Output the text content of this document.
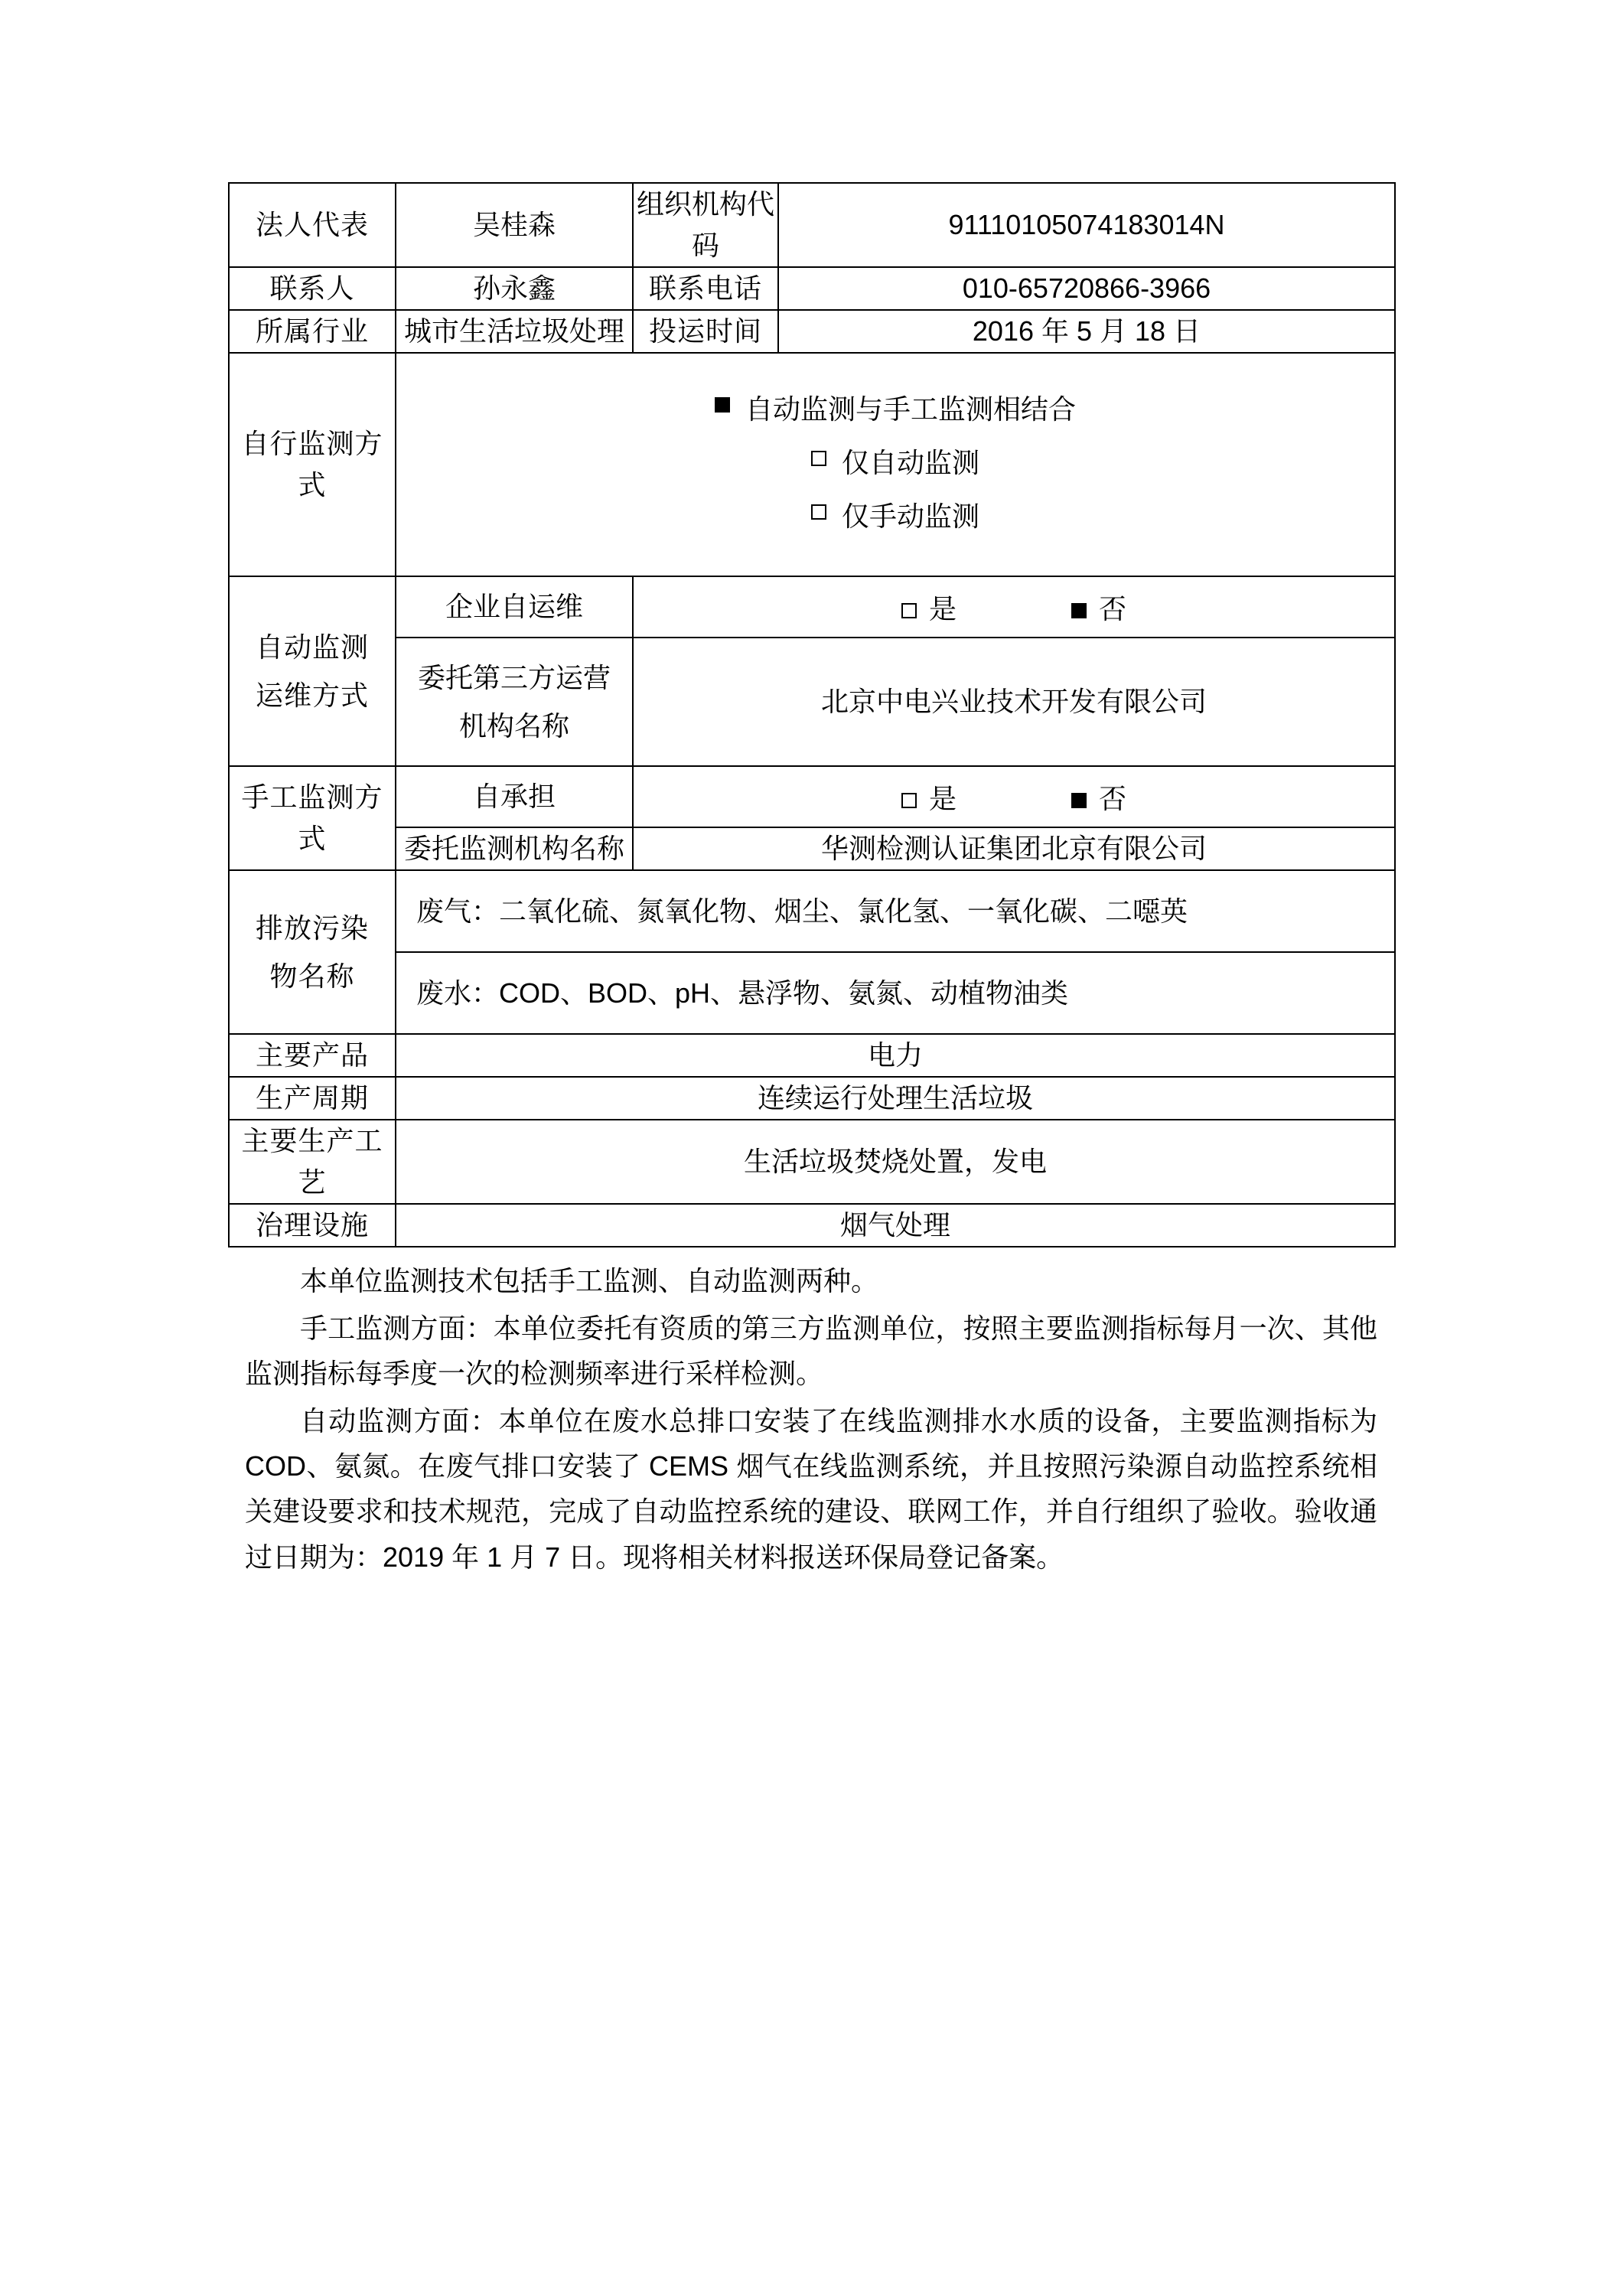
法人代表	吴桂森	组织机构代码	91110105074183014N
联系人	孙永鑫	联系电话	010-65720866-3966
所属行业	城市生活垃圾处理	投运时间	2016 年 5 月 18 日
自行监测方式	自动监测与手工监测相结合
仅自动监测
仅手动监测		

自动监测运维方式	企业自运维	是 否	

	委托第三方运营机构名称	北京中电兴业技术开发有限公司	
手工监测方式	自承担	是 否	

	委托监测机构名称	华测检测认证集团北京有限公司	

排放污染物名称	废气：二氧化硫、氮氧化物、烟尘、氯化氢、一氧化碳、二噁英		

	废水：COD、BOD、pH、悬浮物、氨氮、动植物油类		

主要产品	电力		
生产周期	连续运行处理生活垃圾		
主要生产工艺	生活垃圾焚烧处置，发电		
治理设施	烟气处理		

本单位监测技术包括手工监测、自动监测两种。

手工监测方面：本单位委托有资质的第三方监测单位，按照主要监测指标每月一次、其他监测指标每季度一次的检测频率进行采样检测。

自动监测方面：本单位在废水总排口安装了在线监测排水水质的设备，主要监测指标为 COD、氨氮。在废气排口安装了 CEMS 烟气在线监测系统，并且按照污染源自动监控系统相关建设要求和技术规范，完成了自动监控系统的建设、联网工作，并自行组织了验收。验收通过日期为：2019 年 1 月 7 日。现将相关材料报送环保局登记备案。
